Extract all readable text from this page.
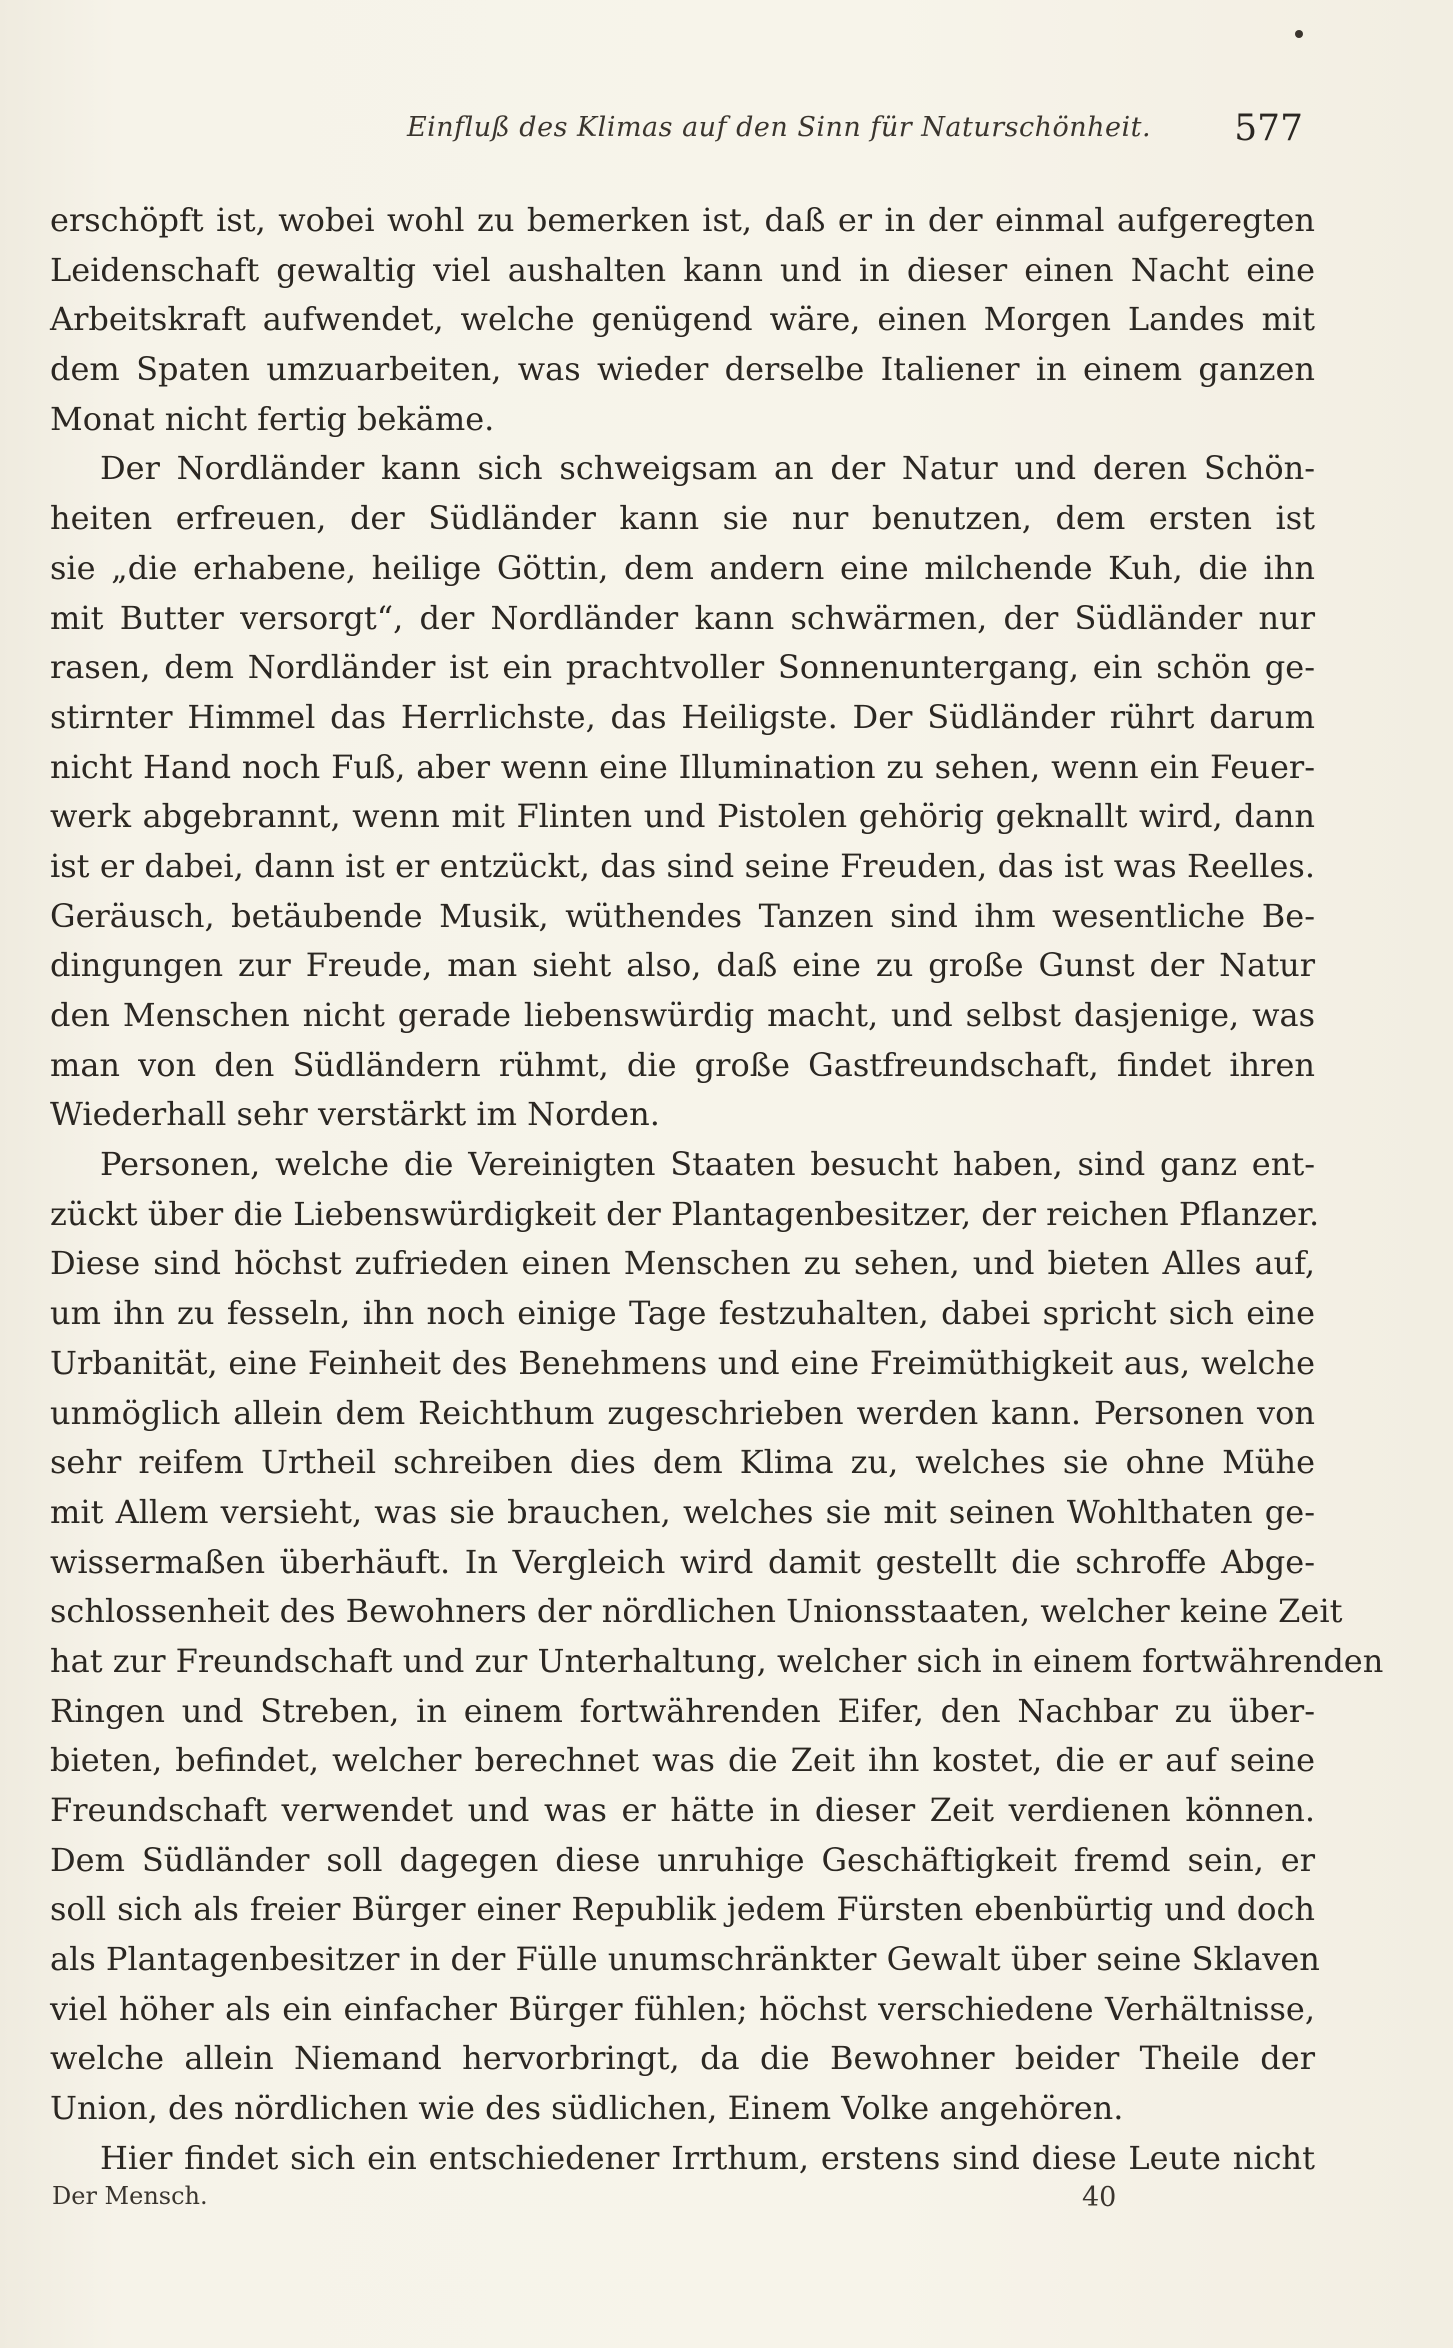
Einfluß des Klimas auf den Sinn für Naturschönheit.	577
erschöpft ist, wobei wohl zu bemerken ist, daß er in der einmal aufgeregten
Leidenschaft gewaltig viel aushalten kann und in dieser einen Nacht eine
Arbeitskraft aufwendet, welche genügend wäre, einen Morgen Landes mit
dem Spaten umzuarbeiten, was wieder derselbe Italiener in einem ganzen
Monat nicht fertig bekäme.
Der Nordländer kann sich schweigsam an der Natur und deren Schön-
heiten erfreuen, der Südländer kann sie nur benutzen, dem ersten ist
sie „die erhabene, heilige Göttin, dem andern eine milchende Kuh, die ihn
mit Butter versorgt“, der Nordländer kann schwärmen, der Südländer nur
rasen, dem Nordländer ist ein prachtvoller Sonnenuntergang, ein schön ge-
stirnter Himmel das Herrlichste, das Heiligste. Der Südländer rührt darum
nicht Hand noch Fuß, aber wenn eine Illumination zu sehen, wenn ein Feuer-
werk abgebrannt, wenn mit Flinten und Pistolen gehörig geknallt wird, dann
ist er dabei, dann ist er entzückt, das sind seine Freuden, das ist was Reelles.
Geräusch, betäubende Musik, wüthendes Tanzen sind ihm wesentliche Be-
dingungen zur Freude, man sieht also, daß eine zu große Gunst der Natur
den Menschen nicht gerade liebenswürdig macht, und selbst dasjenige, was
man von den Südländern rühmt, die große Gastfreundschaft, findet ihren
Wiederhall sehr verstärkt im Norden.
Personen, welche die Vereinigten Staaten besucht haben, sind ganz ent-
zückt über die Liebenswürdigkeit der Plantagenbesitzer, der reichen Pflanzer.
Diese sind höchst zufrieden einen Menschen zu sehen, und bieten Alles auf,
um ihn zu fesseln, ihn noch einige Tage festzuhalten, dabei spricht sich eine
Urbanität, eine Feinheit des Benehmens und eine Freimüthigkeit aus, welche
unmöglich allein dem Reichthum zugeschrieben werden kann. Personen von
sehr reifem Urtheil schreiben dies dem Klima zu, welches sie ohne Mühe
mit Allem versieht, was sie brauchen, welches sie mit seinen Wohlthaten ge-
wissermaßen überhäuft. In Vergleich wird damit gestellt die schroffe Abge-
schlossenheit des Bewohners der nördlichen Unionsstaaten, welcher keine Zeit
hat zur Freundschaft und zur Unterhaltung, welcher sich in einem fortwährenden
Ringen und Streben, in einem fortwährenden Eifer, den Nachbar zu über-
bieten, befindet, welcher berechnet was die Zeit ihn kostet, die er auf seine
Freundschaft verwendet und was er hätte in dieser Zeit verdienen können.
Dem Südländer soll dagegen diese unruhige Geschäftigkeit fremd sein, er
soll sich als freier Bürger einer Republik jedem Fürsten ebenbürtig und doch
als Plantagenbesitzer in der Fülle unumschränkter Gewalt über seine Sklaven
viel höher als ein einfacher Bürger fühlen; höchst verschiedene Verhältnisse,
welche allein Niemand hervorbringt, da die Bewohner beider Theile der
Union, des nördlichen wie des südlichen, Einem Volke angehören.
Hier findet sich ein entschiedener Irrthum, erstens sind diese Leute nicht
Der Mensch.	40
